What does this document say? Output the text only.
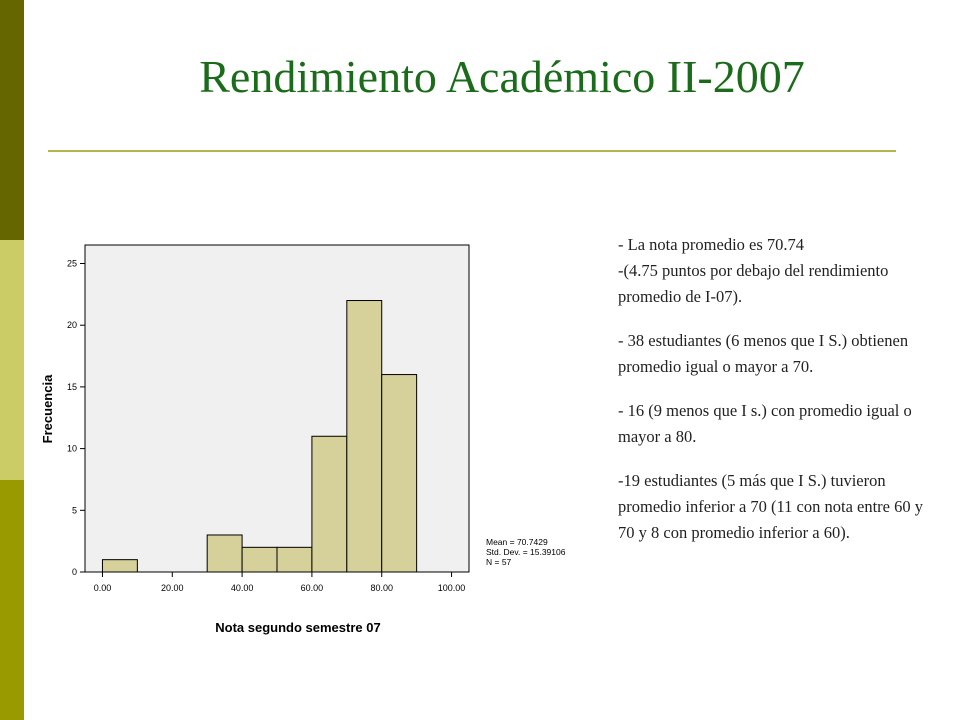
Rendimiento Académico II-2007
0
5
10
15
20
25
0.00	20.00	40.00	60.00	80.00	100.00
Frecuencia
Nota segundo semestre 07
Mean = 70.7429
Std. Dev. = 15.39106
N = 57

- La nota promedio es 70.74
-(4.75 puntos por debajo del rendimiento promedio de I-07).

- 38 estudiantes (6 menos que I S.) obtienen promedio igual o mayor a 70.

- 16 (9 menos que I s.) con promedio igual o mayor a 80.

-19 estudiantes (5 más que I S.) tuvieron promedio inferior a 70 (11 con nota entre 60 y 70 y 8 con promedio inferior a 60).
